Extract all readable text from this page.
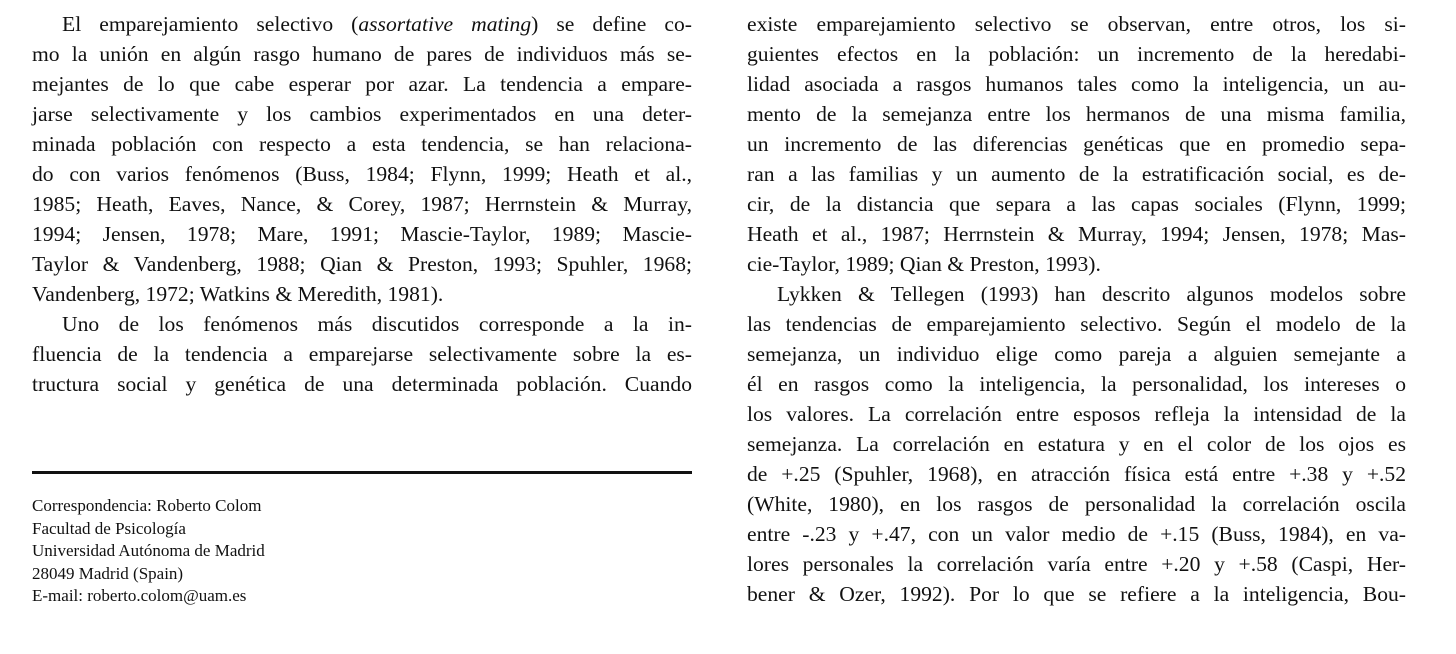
El emparejamiento selectivo (assortative mating) se define co-
mo la unión en algún rasgo humano de pares de individuos más se-
mejantes de lo que cabe esperar por azar. La tendencia a empare-
jarse selectivamente y los cambios experimentados en una deter-
minada población con respecto a esta tendencia, se han relaciona-
do con varios fenómenos (Buss, 1984; Flynn, 1999; Heath et al.,
1985; Heath, Eaves, Nance, & Corey, 1987; Herrnstein & Murray,
1994; Jensen, 1978; Mare, 1991; Mascie-Taylor, 1989; Mascie-
Taylor & Vandenberg, 1988; Qian & Preston, 1993; Spuhler, 1968;
Vandenberg, 1972; Watkins & Meredith, 1981).
Uno de los fenómenos más discutidos corresponde a la in-
fluencia de la tendencia a emparejarse selectivamente sobre la es-
tructura social y genética de una determinada población. Cuando
Correspondencia: Roberto Colom
Facultad de Psicología
Universidad Autónoma de Madrid
28049 Madrid (Spain)
E-mail: roberto.colom@uam.es
existe emparejamiento selectivo se observan, entre otros, los si-
guientes efectos en la población: un incremento de la heredabi-
lidad asociada a rasgos humanos tales como la inteligencia, un au-
mento de la semejanza entre los hermanos de una misma familia,
un incremento de las diferencias genéticas que en promedio sepa-
ran a las familias y un aumento de la estratificación social, es de-
cir, de la distancia que separa a las capas sociales (Flynn, 1999;
Heath et al., 1987; Herrnstein & Murray, 1994; Jensen, 1978; Mas-
cie-Taylor, 1989; Qian & Preston, 1993).
Lykken & Tellegen (1993) han descrito algunos modelos sobre
las tendencias de emparejamiento selectivo. Según el modelo de la
semejanza, un individuo elige como pareja a alguien semejante a
él en rasgos como la inteligencia, la personalidad, los intereses o
los valores. La correlación entre esposos refleja la intensidad de la
semejanza. La correlación en estatura y en el color de los ojos es
de +.25 (Spuhler, 1968), en atracción física está entre +.38 y +.52
(White, 1980), en los rasgos de personalidad la correlación oscila
entre -.23 y +.47, con un valor medio de +.15 (Buss, 1984), en va-
lores personales la correlación varía entre +.20 y +.58 (Caspi, Her-
bener & Ozer, 1992). Por lo que se refiere a la inteligencia, Bou-
